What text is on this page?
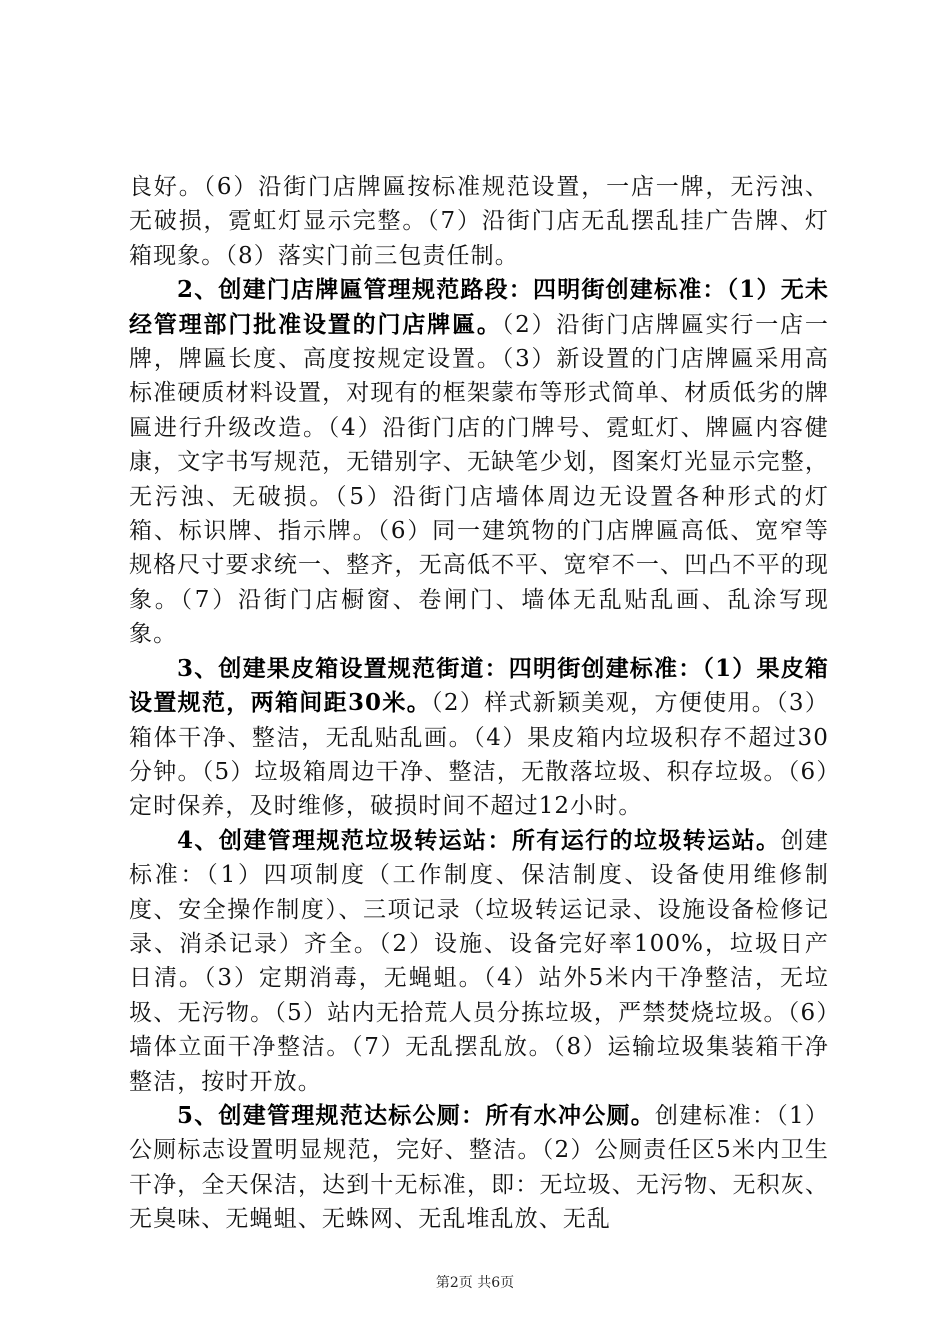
良好。（6）沿街门店牌匾按标准规范设置，一店一牌，无污浊、无破损，霓虹灯显示完整。（7）沿街门店无乱摆乱挂广告牌、灯箱现象。（8）落实门前三包责任制。

2、创建门店牌匾管理规范路段：四明街创建标准：（1）无未经管理部门批准设置的门店牌匾。（2）沿街门店牌匾实行一店一牌，牌匾长度、高度按规定设置。（3）新设置的门店牌匾采用高标准硬质材料设置，对现有的框架蒙布等形式简单、材质低劣的牌匾进行升级改造。（4）沿街门店的门牌号、霓虹灯、牌匾内容健康，文字书写规范，无错别字、无缺笔少划，图案灯光显示完整，无污浊、无破损。（5）沿街门店墙体周边无设置各种形式的灯箱、标识牌、指示牌。（6）同一建筑物的门店牌匾高低、宽窄等规格尺寸要求统一、整齐，无高低不平、宽窄不一、凹凸不平的现象。（7）沿街门店橱窗、卷闸门、墙体无乱贴乱画、乱涂写现象。

3、创建果皮箱设置规范街道：四明街创建标准：（1）果皮箱设置规范，两箱间距30米。（2）样式新颖美观，方便使用。（3）箱体干净、整洁，无乱贴乱画。（4）果皮箱内垃圾积存不超过30分钟。（5）垃圾箱周边干净、整洁，无散落垃圾、积存垃圾。（6）定时保养，及时维修，破损时间不超过12小时。

4、创建管理规范垃圾转运站：所有运行的垃圾转运站。创建标准：（1）四项制度（工作制度、保洁制度、设备使用维修制度、安全操作制度）、三项记录（垃圾转运记录、设施设备检修记录、消杀记录）齐全。（2）设施、设备完好率100%，垃圾日产日清。（3）定期消毒，无蝇蛆。（4）站外5米内干净整洁，无垃圾、无污物。（5）站内无拾荒人员分拣垃圾，严禁焚烧垃圾。（6）墙体立面干净整洁。（7）无乱摆乱放。（8）运输垃圾集装箱干净整洁，按时开放。

5、创建管理规范达标公厕：所有水冲公厕。创建标准：（1）公厕标志设置明显规范，完好、整洁。（2）公厕责任区5米内卫生干净，全天保洁，达到十无标准，即：无垃圾、无污物、无积灰、无臭味、无蝇蛆、无蛛网、无乱堆乱放、无乱

第2页 共6页
